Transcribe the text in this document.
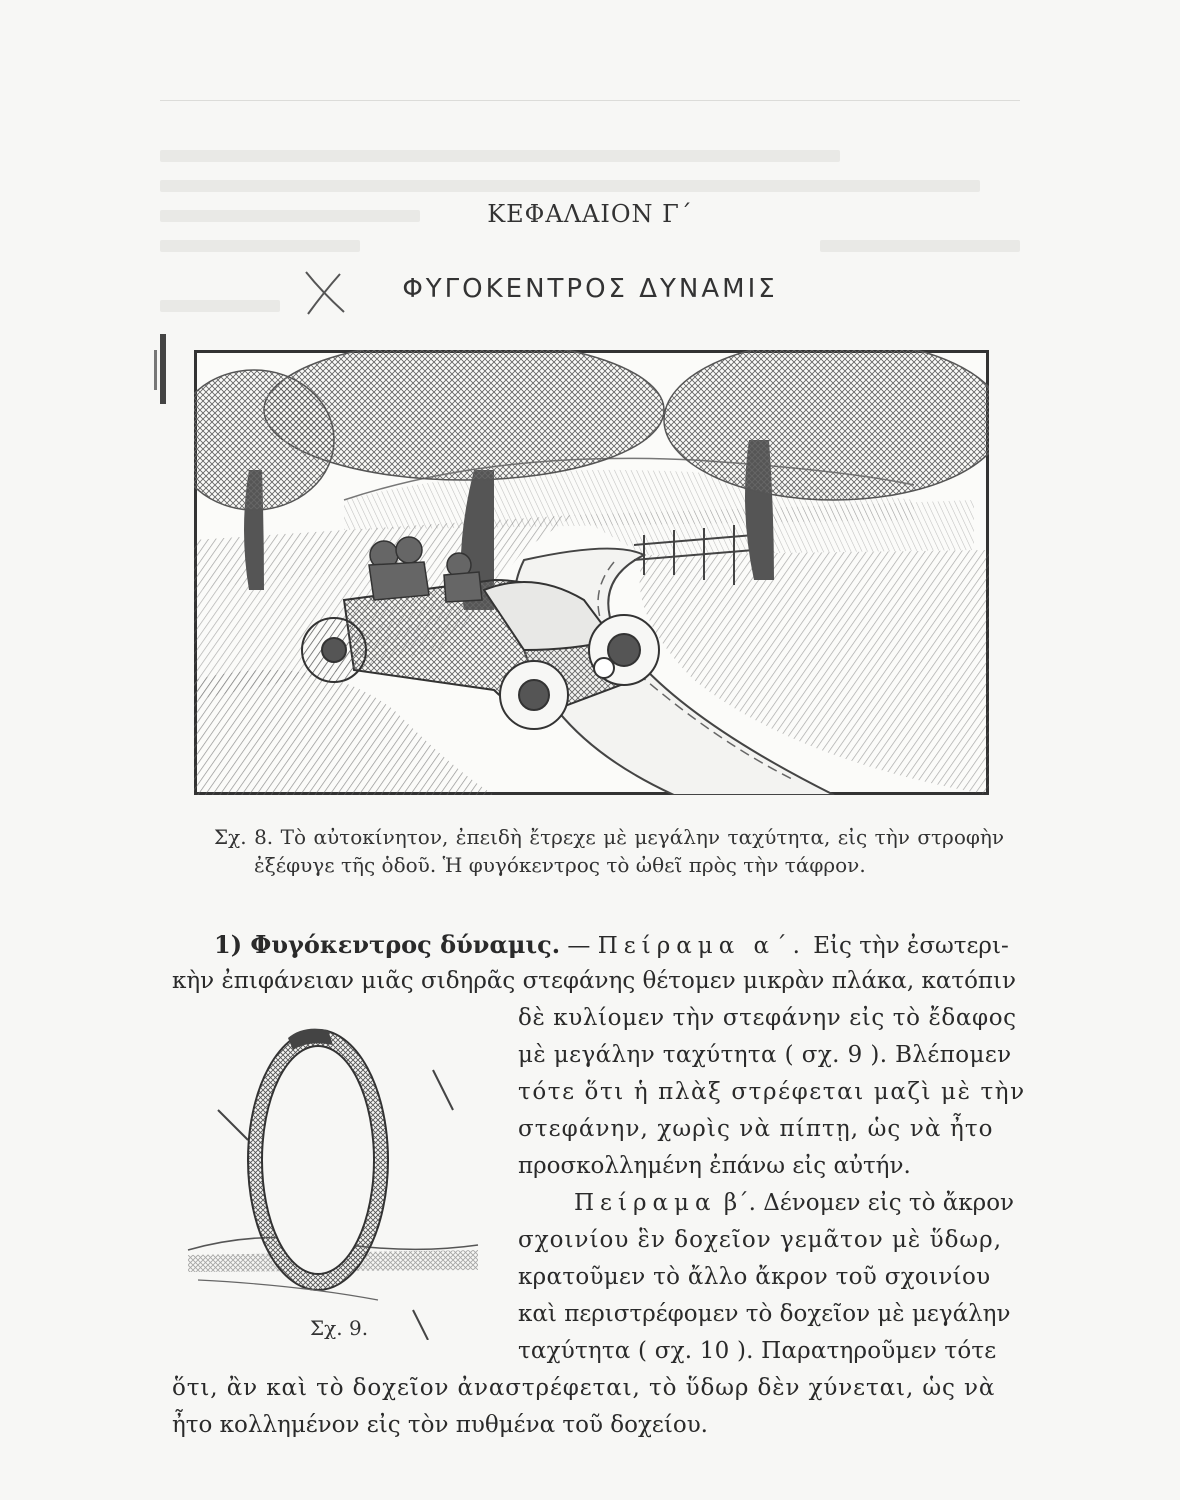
ΚΕΦΑΛΑΙΟΝ Γ΄
ΦΥΓΟΚΕΝΤΡΟΣ ΔΥΝΑΜΙΣ
Σχ. 8. Τὸ αὐτοκίνητον, ἐπειδὴ ἔτρεχε μὲ μεγάλην ταχύτητα, εἰς τὴν στροφὴν
ἐξέφυγε τῆς ὁδοῦ. Ἡ φυγόκεντρος τὸ ὠθεῖ πρὸς τὴν τάφρον.
1) Φυγόκεντρος δύναμις. — Πείραμα α΄. Εἰς τὴν ἐσωτερι-
κὴν ἐπιφάνειαν μιᾶς σιδηρᾶς στεφάνης θέτομεν μικρὰν πλάκα, κατόπιν
δὲ κυλίομεν τὴν στεφάνην εἰς τὸ ἔδαφος
μὲ μεγάλην ταχύτητα ( σχ. 9 ). Βλέπομεν
τότε ὅτι ἡ πλὰξ στρέφεται μαζὶ μὲ τὴν
στεφάνην, χωρὶς νὰ πίπτῃ, ὡς νὰ ἦτο
προσκολλημένη ἐπάνω εἰς αὐτήν.
Πείραμα β΄. Δένομεν εἰς τὸ ἄκρον
σχοινίου ἓν δοχεῖον γεμᾶτον μὲ ὕδωρ,
κρατοῦμεν τὸ ἄλλο ἄκρον τοῦ σχοινίου
καὶ περιστρέφομεν τὸ δοχεῖον μὲ μεγάλην
ταχύτητα ( σχ. 10 ). Παρατηροῦμεν τότε
ὅτι, ἂν καὶ τὸ δοχεῖον ἀναστρέφεται, τὸ ὕδωρ δὲν χύνεται, ὡς νὰ
ἦτο κολλημένον εἰς τὸν πυθμένα τοῦ δοχείου.
Σχ. 9.
